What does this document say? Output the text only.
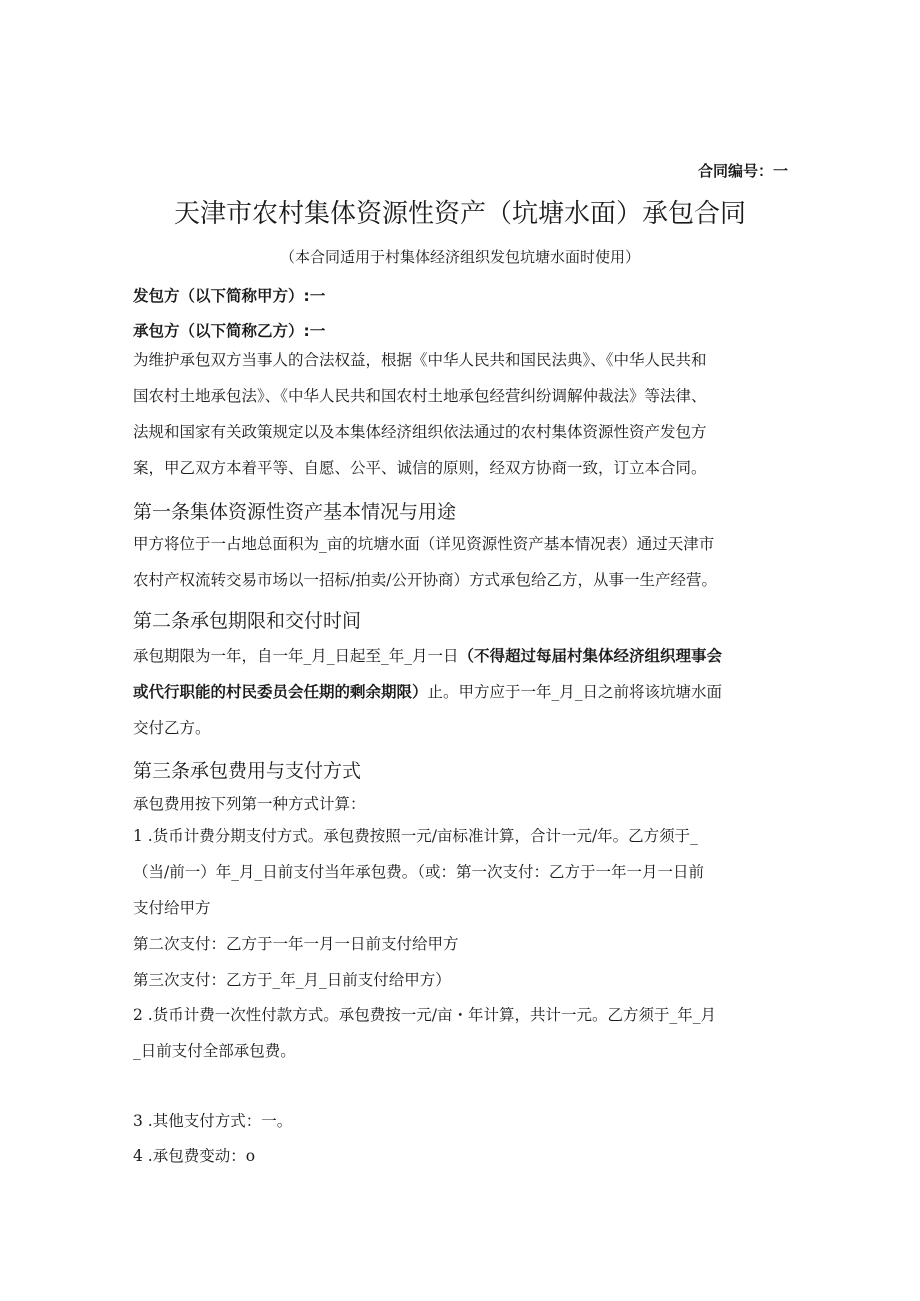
合同编号：一
天津市农村集体资源性资产（坑塘水面）承包合同
（本合同适用于村集体经济组织发包坑塘水面时使用）
发包方（以下简称甲方）:一
承包方（以下简称乙方）:一
为维护承包双方当事人的合法权益，根据《中华人民共和国民法典》、《中华人民共和
国农村土地承包法》、《中华人民共和国农村土地承包经营纠纷调解仲裁法》等法律、
法规和国家有关政策规定以及本集体经济组织依法通过的农村集体资源性资产发包方
案，甲乙双方本着平等、自愿、公平、诚信的原则，经双方协商一致，订立本合同。
第一条集体资源性资产基本情况与用途
甲方将位于一占地总面积为_亩的坑塘水面（详见资源性资产基本情况表）通过天津市
农村产权流转交易市场以一招标/拍卖/公开协商）方式承包给乙方，从事一生产经营。
第二条承包期限和交付时间
承包期限为一年，自一年_月_日起至_年_月一日（不得超过每届村集体经济组织理事会
或代行职能的村民委员会任期的剩余期限）止。甲方应于一年_月_日之前将该坑塘水面
交付乙方。
第三条承包费用与支付方式
承包费用按下列第一种方式计算：
1 .货币计费分期支付方式。承包费按照一元/亩标准计算，合计一元/年。乙方须于_
（当/前一）年_月_日前支付当年承包费。（或：第一次支付：乙方于一年一月一日前
支付给甲方
第二次支付：乙方于一年一月一日前支付给甲方
第三次支付：乙方于_年_月_日前支付给甲方）
2 .货币计费一次性付款方式。承包费按一元/亩・年计算，共计一元。乙方须于_年_月
_日前支付全部承包费。
3 .其他支付方式：一。
4 .承包费变动：o
